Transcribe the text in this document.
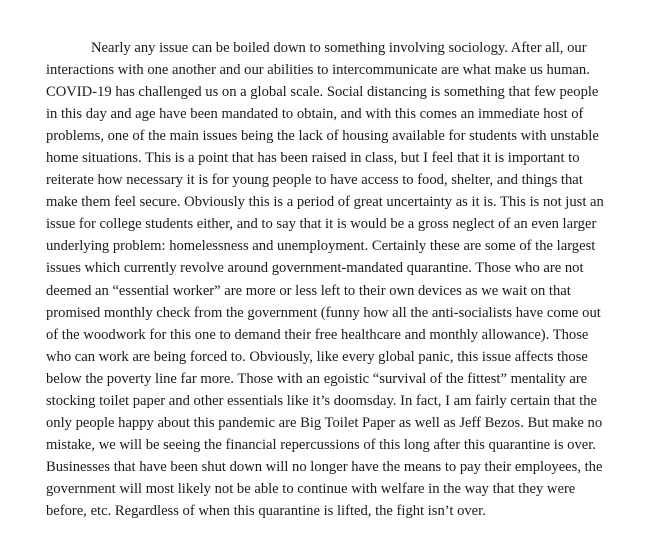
Nearly any issue can be boiled down to something involving sociology. After all, our
interactions with one another and our abilities to intercommunicate are what make us human.
COVID-19 has challenged us on a global scale. Social distancing is something that few people
in this day and age have been mandated to obtain, and with this comes an immediate host of
problems, one of the main issues being the lack of housing available for students with unstable
home situations. This is a point that has been raised in class, but I feel that it is important to
reiterate how necessary it is for young people to have access to food, shelter, and things that
make them feel secure. Obviously this is a period of great uncertainty as it is. This is not just an
issue for college students either, and to say that it is would be a gross neglect of an even larger
underlying problem: homelessness and unemployment. Certainly these are some of the largest
issues which currently revolve around government-mandated quarantine. Those who are not
deemed an “essential worker” are more or less left to their own devices as we wait on that
promised monthly check from the government (funny how all the anti-socialists have come out
of the woodwork for this one to demand their free healthcare and monthly allowance). Those
who can work are being forced to. Obviously, like every global panic, this issue affects those
below the poverty line far more. Those with an egoistic “survival of the fittest” mentality are
stocking toilet paper and other essentials like it’s doomsday. In fact, I am fairly certain that the
only people happy about this pandemic are Big Toilet Paper as well as Jeff Bezos. But make no
mistake, we will be seeing the financial repercussions of this long after this quarantine is over.
Businesses that have been shut down will no longer have the means to pay their employees, the
government will most likely not be able to continue with welfare in the way that they were
before, etc. Regardless of when this quarantine is lifted, the fight isn’t over.
